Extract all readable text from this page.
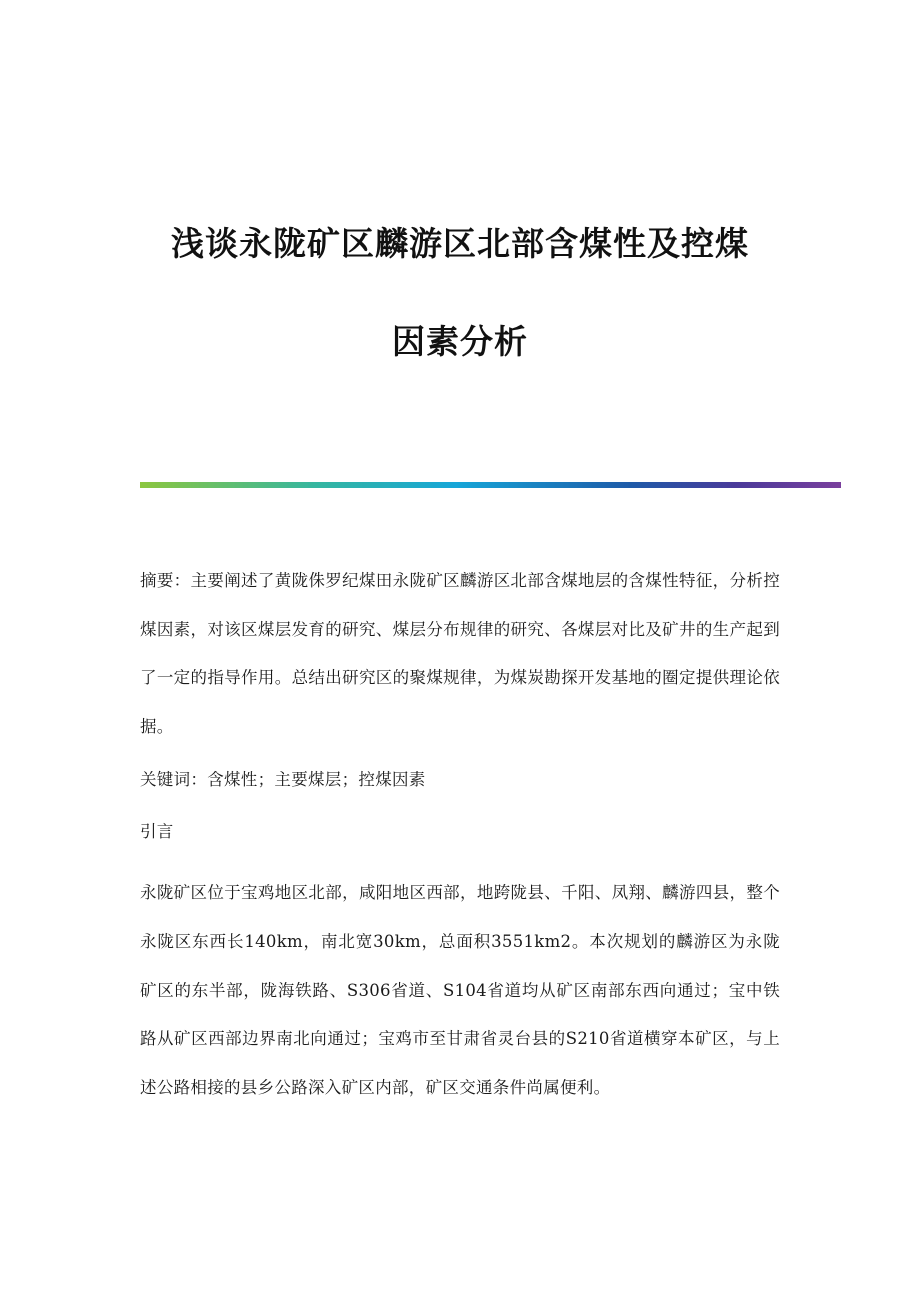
浅谈永陇矿区麟游区北部含煤性及控煤
因素分析
摘要：主要阐述了黄陇侏罗纪煤田永陇矿区麟游区北部含煤地层的含煤性特征，分析控煤因素，对该区煤层发育的研究、煤层分布规律的研究、各煤层对比及矿井的生产起到了一定的指导作用。总结出研究区的聚煤规律，为煤炭勘探开发基地的圈定提供理论依据。
关键词：含煤性；主要煤层；控煤因素
引言
永陇矿区位于宝鸡地区北部，咸阳地区西部，地跨陇县、千阳、凤翔、麟游四县，整个永陇区东西长140km，南北宽30km，总面积3551km2。本次规划的麟游区为永陇矿区的东半部，陇海铁路、S306省道、S104省道均从矿区南部东西向通过；宝中铁路从矿区西部边界南北向通过；宝鸡市至甘肃省灵台县的S210省道横穿本矿区，与上述公路相接的县乡公路深入矿区内部，矿区交通条件尚属便利。
